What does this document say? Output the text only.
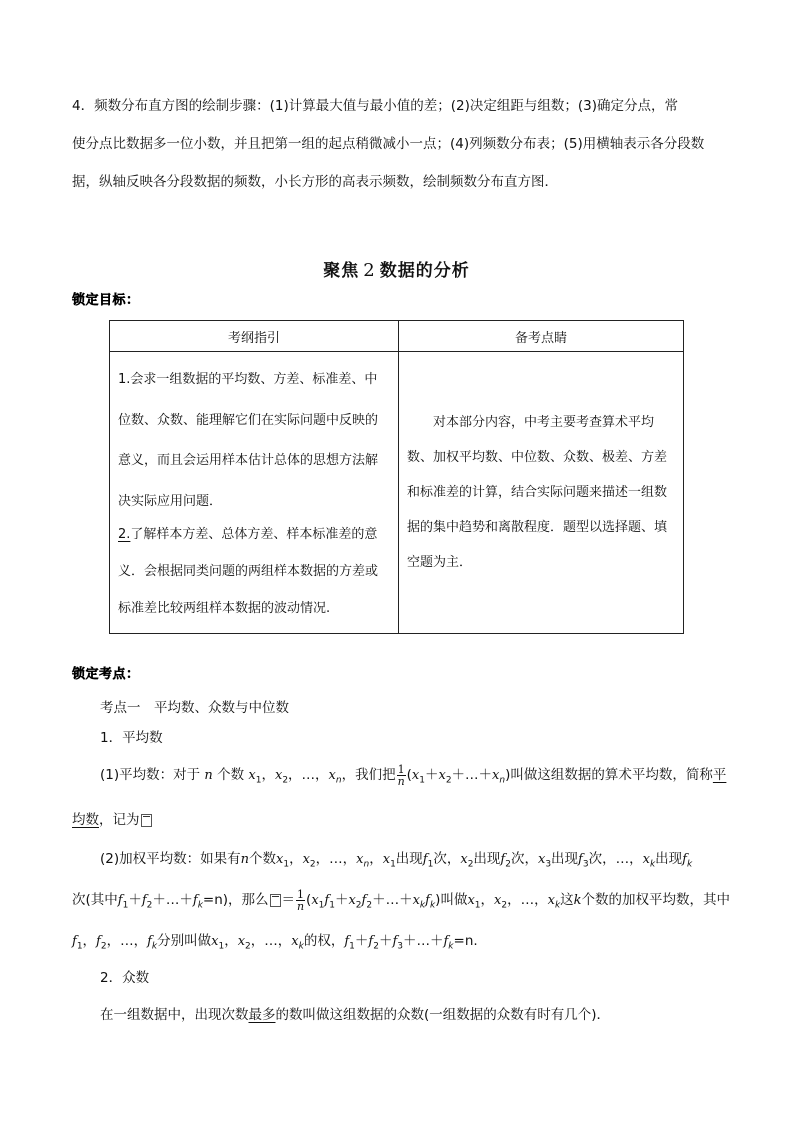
4．频数分布直方图的绘制步骤：(1)计算最大值与最小值的差；(2)决定组距与组数；(3)确定分点，常
使分点比数据多一位小数，并且把第一组的起点稍微减小一点；(4)列频数分布表；(5)用横轴表示各分段数
据，纵轴反映各分段数据的频数，小长方形的高表示频数，绘制频数分布直方图．
聚焦 2 数据的分析
锁定目标：
考纲指引	备考点睛

1.会求一组数据的平均数、方差、标准差、中位数、众数、能理解它们在实际问题中反映的意义，而且会运用样本估计总体的思想方法解决实际应用问题．
2.了解样本方差、总体方差、样本标准差的意义．会根据同类问题的两组样本数据的方差或标准差比较两组样本数据的波动情况.	对本部分内容，中考主要考查算术平均数、加权平均数、中位数、众数、极差、方差和标准差的计算，结合实际问题来描述一组数据的集中趋势和离散程度．题型以选择题、填空题为主．
锁定考点：
考点一　平均数、众数与中位数
1．平均数
(1)平均数：对于 n 个数 $x_1$，$x_2$，…，$x_n$，我们把 $\frac{1}{n}$ $(x_1+x_2+\dots+x_n)$叫做这组数据的算术平均数，简称平
均数，记为
(2)加权平均数：如果有n个数$x_1$，$x_2$，…，$x_n$，$x_1$出现$f_1$次，$x_2$出现$f_2$次，$x_3$出现$f_3$次，…，$x_k$出现$f_k$
次(其中$f_1+f_2+\dots+f_k=n$)，那么 ＝ $\frac{1}{n}$ $(x_1f_1+x_2f_2+\dots+x_kf_k)$叫做$x_1$，$x_2$，…，$x_k$这k个数的加权平均数，其中
$f_1$，$f_2$，…，$f_k$分别叫做$x_1$，$x_2$，…，$x_k$的权，$f_1+f_2+f_3+\dots+f_k=n$.
2．众数
在一组数据中，出现次数最多的数叫做这组数据的众数(一组数据的众数有时有几个)．
